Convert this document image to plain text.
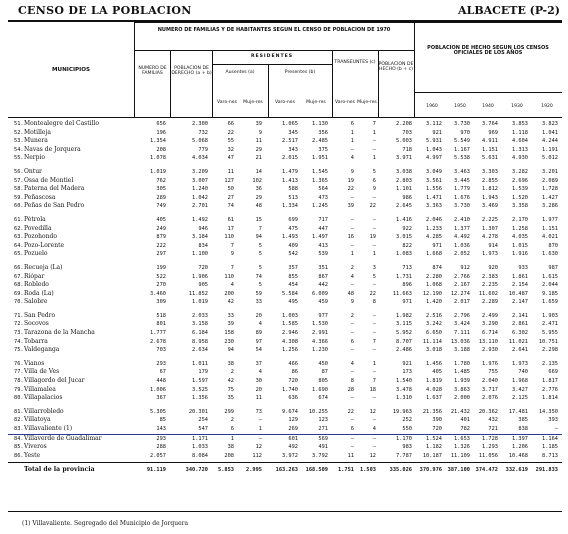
CENSO DE LA POBLACION	ALBACETE (P-2)
MUNICIPIOS
NUMERO DE FAMILIAS Y DE HABITANTES SEGUN EL CENSO DE POBLACION DE 1970
NUMERO DE FAMILIAS
POBLACION DE DERECHO (a + b)
RESIDENTES
Ausentes (a)	Presentes (b)
TRANSEUNTES (c) POBLACION DE HECHO (b + c)
Varo-nes	Muje-res	Varo-nes	Muje-res	Varo-nes Muje-res
POBLACION DE HECHO SEGUN LOS CENSOS OFICIALES DE LOS AÑOS
1960	1950	1940	1930	1920
51. Montealegre del Castillo	656	2.300	66	39	1.065	1.130	6	7	2.208	3.112	3.730	3.764	3.853	3.823
52. Motilleja	196	732	22	9	345	356	1	1	703	921	970	969	1.118	1.041
53. Munera	1.354	5.068	55	11	2.517	2.485	1	—	5.003	5.931	5.549	4.911	4.604	4.244
54. Navas de Jorquera	208	779	32	29	343	375	—	—	718	1.043	1.167	1.151	1.313	1.191
55. Nerpio	1.078	4.034	47	21	2.015	1.951	4	1	3.971	4.997	5.538	5.631	4.930	5.012
56. Ontur	1.019	3.209	11	14	1.479	1.545	9	5	3.038	3.049	3.463	3.303	3.282	3.201
57. Ossa de Montiel	762	3.007	127	102	1.413	1.365	19	6	2.803	3.561	3.445	2.855	2.696	2.089
58. Paterna del Madera	305	1.240	50	36	588	564	22	9	1.101	1.556	1.779	1.812	1.539	1.728
59. Peñascosa	289	1.042	27	29	513	473	—	—	986	1.471	1.676	1.943	1.520	1.427
60. Peñas de San Pedro	749	2.701	74	48	1.334	1.245	39	22	2.645	3.363	3.730	3.469	3.358	3.286
61. Pétrola	405	1.492	61	15	699	717	—	—	1.416	2.046	2.410	2.225	2.170	1.977
62. Povedilla	249	946	17	7	475	447	—	—	922	1.233	1.377	1.307	1.258	1.151
63. Pozohondo	879	3.184	110	94	1.493	1.497	16	19	3.015	4.285	4.492	4.278	4.035	4.021
64. Pozo-Lorente	222	834	7	5	409	413	—	—	822	971	1.036	914	1.015	870
65. Pozuelo	297	1.100	9	5	542	539	1	1	1.083	1.668	2.052	1.973	1.916	1.630
66. Recueja (La)	199	720	7	5	357	351	2	3	713	874	912	920	933	987
67. Riópar	522	1.906	110	74	855	867	4	5	1.731	2.280	2.766	2.383	1.861	1.615
68. Robledo	270	905	4	5	454	442	—	—	896	1.068	2.167	2.235	2.154	2.044
69. Roda (La)	3.460	11.852	200	59	5.584	6.009	48	22	11.663	12.190	12.274	11.602	10.487	9.185
70. Salobre	309	1.019	42	33	495	459	9	8	971	1.420	2.017	2.289	2.147	1.659
71. San Pedro	518	2.033	33	20	1.003	977	2	—	1.982	2.516	2.796	2.499	2.141	1.903
72. Socovos	801	3.158	39	4	1.585	1.530	—	—	3.115	3.242	3.424	3.290	2.861	2.471
73. Tarazona de la Mancha	1.777	6.184	158	89	2.946	2.991	—	—	5.952	6.650	7.111	6.714	6.302	5.955
74. Tobarra	2.678	8.958	230	97	4.308	4.366	6	7	8.707	11.114	13.036	13.110	11.021	10.751
75. Valdeganga	703	2.634	94	54	1.256	1.230	—	—	2.486	3.018	3.188	2.930	2.641	2.298
76. Vianos	293	1.011	38	37	466	450	4	1	921	1.456	1.780	1.976	1.973	2.135
77. Villa de Ves	67	179	2	4	86	87	—	—	173	405	1.485	755	740	669
78. Villagordo del Jucar	448	1.597	42	30	720	805	8	7	1.540	1.819	1.939	2.040	1.968	1.817
79. Villamalea	1.006	3.525	75	20	1.740	1.690	28	18	3.478	4.028	3.863	3.717	3.427	2.776
80. Villapalacios	367	1.356	35	11	636	674	—	—	1.310	1.637	2.000	2.076	2.125	1.814
81. Villarrobledo	5.305	20.301	299	73	9.674	10.255	22	12	19.963	21.356	21.432	20.362	17.481	14.350
82. Villatoya	85	254	2	—	129	123	—	—	252	390	401	432	385	393
83. Villavaliente (1)	143	547	6	1	269	271	6	4	550	720	782	721	838	—
84. Villaverde de Guadalimar	293	1.171	1	—	601	569	—	—	1.170	1.524	1.653	1.728	1.397	1.164
85. Viveros	288	1.033	38	12	492	491	—	—	983	1.182	1.326	1.293	1.206	1.185
86. Yeste	2.057	8.084	208	112	3.972	3.792	11	12	7.787	10.187	11.109	11.056	10.468	8.713
Total de la provincia	91.119	340.720	5.853	2.995	163.263	168.509	1.751	1.503	335.026	370.976	387.100	374.472	332.619	291.833
(1) Villavaliente. Segregado del Municipio de Jorquera
